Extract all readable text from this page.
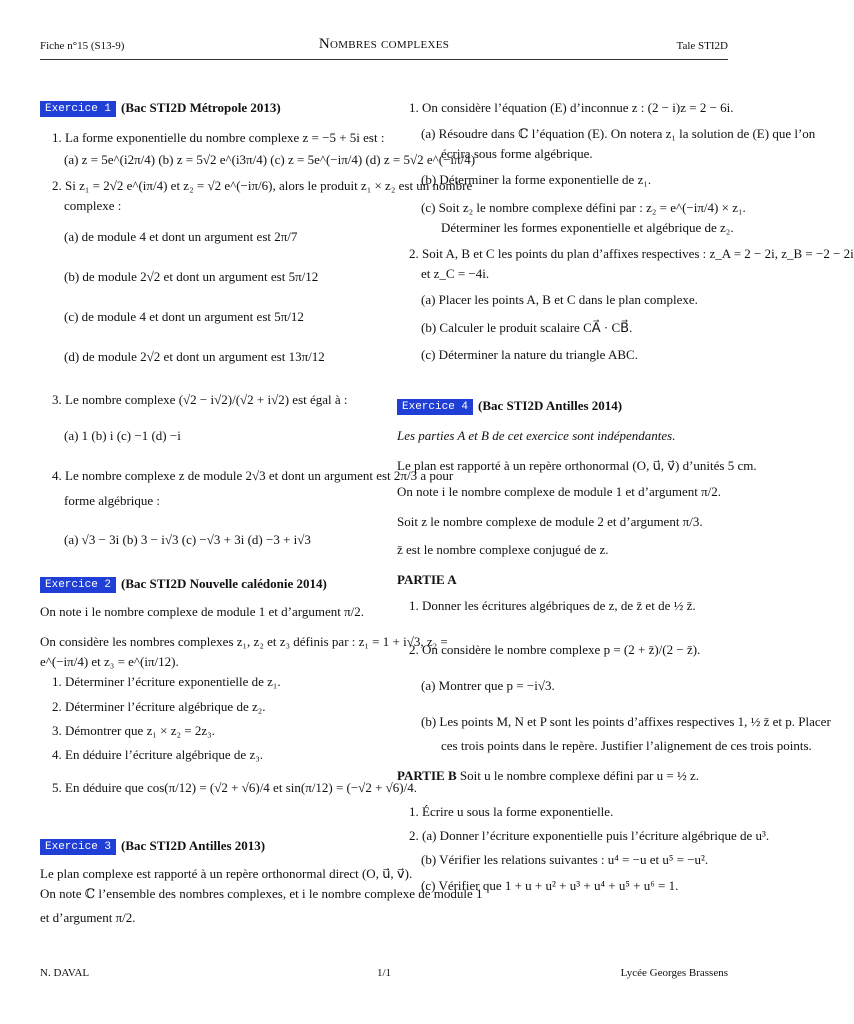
Fiche n°15 (S13-9)	Nombres complexes	Tale STI2D
Exercice 1 (Bac STI2D Métropole 2013)
1. La forme exponentielle du nombre complexe z = −5 + 5i est :
(a) z = 5e^(i2π/4) (b) z = 5√2 e^(i3π/4) (c) z = 5e^(−iπ/4) (d) z = 5√2 e^(−iπ/4)
2. Si z₁ = 2√2 e^(iπ/4) et z₂ = √2 e^(−iπ/6), alors le produit z₁ × z₂ est un nombre
complexe :
(a) de module 4 et dont un argument est 2π/7
(b) de module 2√2 et dont un argument est 5π/12
(c) de module 4 et dont un argument est 5π/12
(d) de module 2√2 et dont un argument est 13π/12
3. Le nombre complexe (√2 − i√2)/(√2 + i√2) est égal à :
(a) 1 (b) i (c) −1 (d) −i
4. Le nombre complexe z de module 2√3 et dont un argument est 2π/3 a pour
forme algébrique :
(a) √3 − 3i (b) 3 − i√3 (c) −√3 + 3i (d) −3 + i√3
Exercice 2 (Bac STI2D Nouvelle calédonie 2014)
On note i le nombre complexe de module 1 et d’argument π/2.
On considère les nombres complexes z₁, z₂ et z₃ définis par : z₁ = 1 + i√3, z₂ =
e^(−iπ/4) et z₃ = e^(iπ/12).
1. Déterminer l’écriture exponentielle de z₁.
2. Déterminer l’écriture algébrique de z₂.
3. Démontrer que z₁ × z₂ = 2z₃.
4. En déduire l’écriture algébrique de z₃.
5. En déduire que cos(π/12) = (√2 + √6)/4 et sin(π/12) = (−√2 + √6)/4.
Exercice 3 (Bac STI2D Antilles 2013)
Le plan complexe est rapporté à un repère orthonormal direct (O, u⃗, v⃗).
On note ℂ l’ensemble des nombres complexes, et i le nombre complexe de module 1
et d’argument π/2.
1. On considère l’équation (E) d’inconnue z : (2 − i)z = 2 − 6i.
(a) Résoudre dans ℂ l’équation (E). On notera z₁ la solution de (E) que l’on
écrira sous forme algébrique.
(b) Déterminer la forme exponentielle de z₁.
(c) Soit z₂ le nombre complexe défini par : z₂ = e^(−iπ/4) × z₁.
Déterminer les formes exponentielle et algébrique de z₂.
2. Soit A, B et C les points du plan d’affixes respectives : z_A = 2 − 2i, z_B = −2 − 2i
et z_C = −4i.
(a) Placer les points A, B et C dans le plan complexe.
(b) Calculer le produit scalaire CA⃗ · CB⃗.
(c) Déterminer la nature du triangle ABC.
Exercice 4 (Bac STI2D Antilles 2014)
Les parties A et B de cet exercice sont indépendantes.
Le plan est rapporté à un repère orthonormal (O, u⃗, v⃗) d’unités 5 cm.
On note i le nombre complexe de module 1 et d’argument π/2.
Soit z le nombre complexe de module 2 et d’argument π/3.
z̄ est le nombre complexe conjugué de z.
PARTIE A
1. Donner les écritures algébriques de z, de z̄ et de ½ z̄.
2. On considère le nombre complexe p = (2 + z̄)/(2 − z̄).
(a) Montrer que p = −i√3.
(b) Les points M, N et P sont les points d’affixes respectives 1, ½ z̄ et p. Placer
ces trois points dans le repère. Justifier l’alignement de ces trois points.
PARTIE B Soit u le nombre complexe défini par u = ½ z.
1. Écrire u sous la forme exponentielle.
2. (a) Donner l’écriture exponentielle puis l’écriture algébrique de u³.
(b) Vérifier les relations suivantes : u⁴ = −u et u⁵ = −u².
(c) Vérifier que 1 + u + u² + u³ + u⁴ + u⁵ + u⁶ = 1.
N. DAVAL	1/1	Lycée Georges Brassens
